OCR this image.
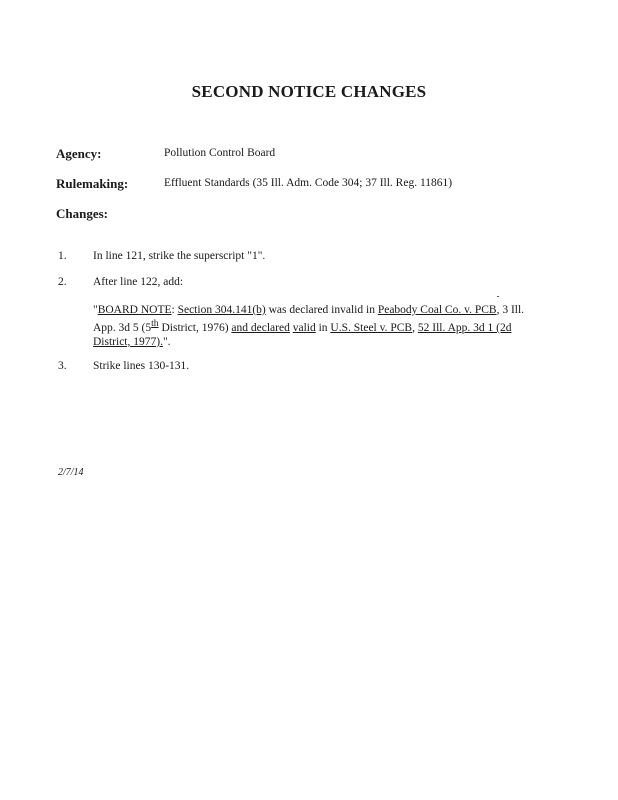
SECOND NOTICE CHANGES
Agency:	Pollution Control Board
Rulemaking:	Effluent Standards (35 Ill. Adm. Code 304; 37 Ill. Reg. 11861)
Changes:
1. In line 121, strike the superscript "1".
2. After line 122, add:
"BOARD NOTE: Section 304.141(b) was declared invalid in Peabody Coal Co. v. PCB, 3 Ill. App. 3d 5 (5th District, 1976) and declared valid in U.S. Steel v. PCB, 52 Ill. App. 3d 1 (2d District, 1977).".
3. Strike lines 130-131.
2/7/14
